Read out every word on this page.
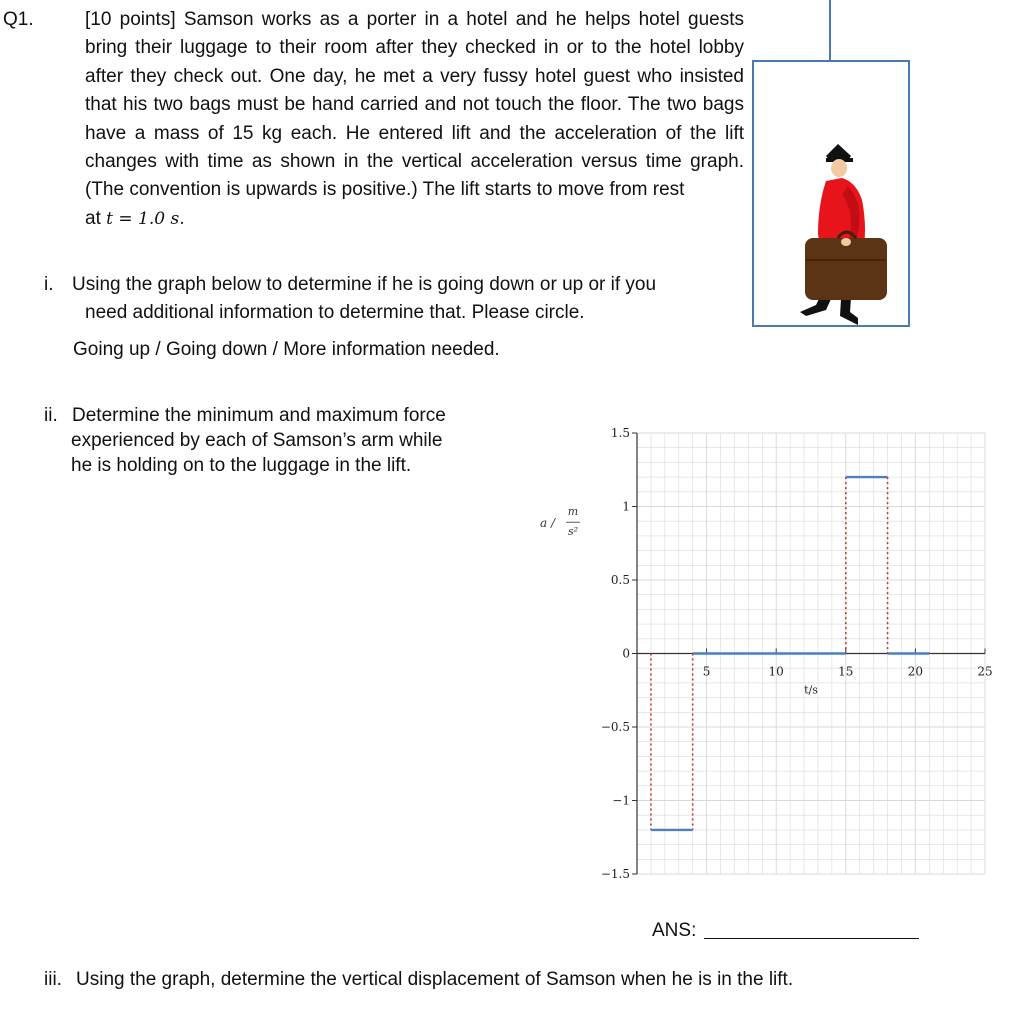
Q1.	[10 points] Samson works as a porter in a hotel and he helps hotel guests bring their luggage to their room after they checked in or to the hotel lobby after they check out. One day, he met a very fussy hotel guest who insisted that his two bags must be hand carried and not touch the floor. The two bags have a mass of 15 kg each. He entered lift and the acceleration of the lift changes with time as shown in the vertical acceleration versus time graph. (The convention is upwards is positive.) The lift starts to move from rest
at t = 1.0 s.
i. Using the graph below to determine if he is going down or up or if you
need additional information to determine that. Please circle.
Going up / Going down / More information needed.
ii. Determine the minimum and maximum force
experienced by each of Samson’s arm while
he is holding on to the luggage in the lift.
ANS:
iii. Using the graph, determine the vertical displacement of Samson when he is in the lift.
1.5
1
0.5
0
−0.5
−1
−1.5
5	10	15	20	25
t/s
a /
m
s²
